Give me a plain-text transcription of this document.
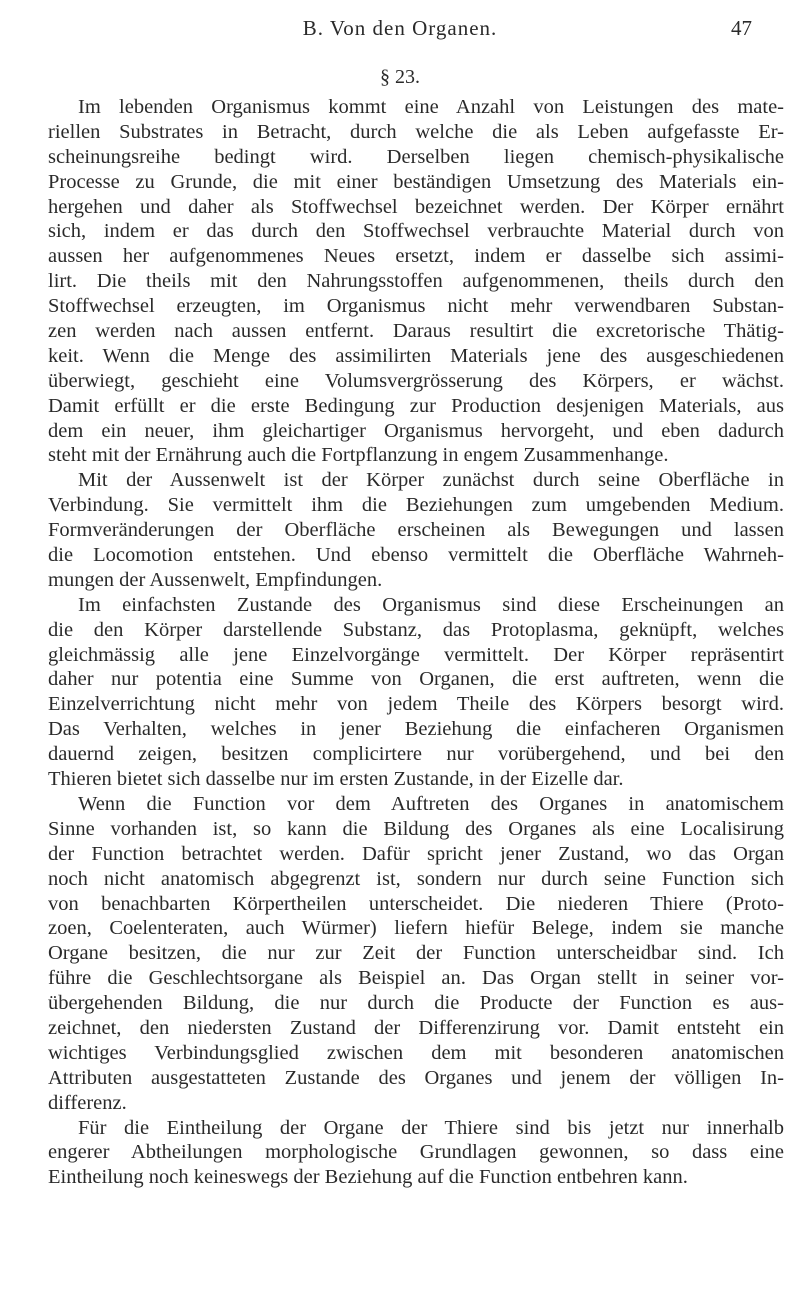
B. Von den Organen.	47
§ 23.
Im lebenden Organismus kommt eine Anzahl von Leistungen des mate-
riellen Substrates in Betracht, durch welche die als Leben aufgefasste Er-
scheinungsreihe bedingt wird. Derselben liegen chemisch-physikalische
Processe zu Grunde, die mit einer beständigen Umsetzung des Materials ein-
hergehen und daher als Stoffwechsel bezeichnet werden. Der Körper ernährt
sich, indem er das durch den Stoffwechsel verbrauchte Material durch von
aussen her aufgenommenes Neues ersetzt, indem er dasselbe sich assimi-
lirt. Die theils mit den Nahrungsstoffen aufgenommenen, theils durch den
Stoffwechsel erzeugten, im Organismus nicht mehr verwendbaren Substan-
zen werden nach aussen entfernt. Daraus resultirt die excretorische Thätig-
keit. Wenn die Menge des assimilirten Materials jene des ausgeschiedenen
überwiegt, geschieht eine Volumsvergrösserung des Körpers, er wächst.
Damit erfüllt er die erste Bedingung zur Production desjenigen Materials, aus
dem ein neuer, ihm gleichartiger Organismus hervorgeht, und eben dadurch
steht mit der Ernährung auch die Fortpflanzung in engem Zusammenhange.
Mit der Aussenwelt ist der Körper zunächst durch seine Oberfläche in
Verbindung. Sie vermittelt ihm die Beziehungen zum umgebenden Medium.
Formveränderungen der Oberfläche erscheinen als Bewegungen und lassen
die Locomotion entstehen. Und ebenso vermittelt die Oberfläche Wahrneh-
mungen der Aussenwelt, Empfindungen.
Im einfachsten Zustande des Organismus sind diese Erscheinungen an
die den Körper darstellende Substanz, das Protoplasma, geknüpft, welches
gleichmässig alle jene Einzelvorgänge vermittelt. Der Körper repräsentirt
daher nur potentia eine Summe von Organen, die erst auftreten, wenn die
Einzelverrichtung nicht mehr von jedem Theile des Körpers besorgt wird.
Das Verhalten, welches in jener Beziehung die einfacheren Organismen
dauernd zeigen, besitzen complicirtere nur vorübergehend, und bei den
Thieren bietet sich dasselbe nur im ersten Zustande, in der Eizelle dar.
Wenn die Function vor dem Auftreten des Organes in anatomischem
Sinne vorhanden ist, so kann die Bildung des Organes als eine Localisirung
der Function betrachtet werden. Dafür spricht jener Zustand, wo das Organ
noch nicht anatomisch abgegrenzt ist, sondern nur durch seine Function sich
von benachbarten Körpertheilen unterscheidet. Die niederen Thiere (Proto-
zoen, Coelenteraten, auch Würmer) liefern hiefür Belege, indem sie manche
Organe besitzen, die nur zur Zeit der Function unterscheidbar sind. Ich
führe die Geschlechtsorgane als Beispiel an. Das Organ stellt in seiner vor-
übergehenden Bildung, die nur durch die Producte der Function es aus-
zeichnet, den niedersten Zustand der Differenzirung vor. Damit entsteht ein
wichtiges Verbindungsglied zwischen dem mit besonderen anatomischen
Attributen ausgestatteten Zustande des Organes und jenem der völligen In-
differenz.
Für die Eintheilung der Organe der Thiere sind bis jetzt nur innerhalb
engerer Abtheilungen morphologische Grundlagen gewonnen, so dass eine
Eintheilung noch keineswegs der Beziehung auf die Function entbehren kann.
